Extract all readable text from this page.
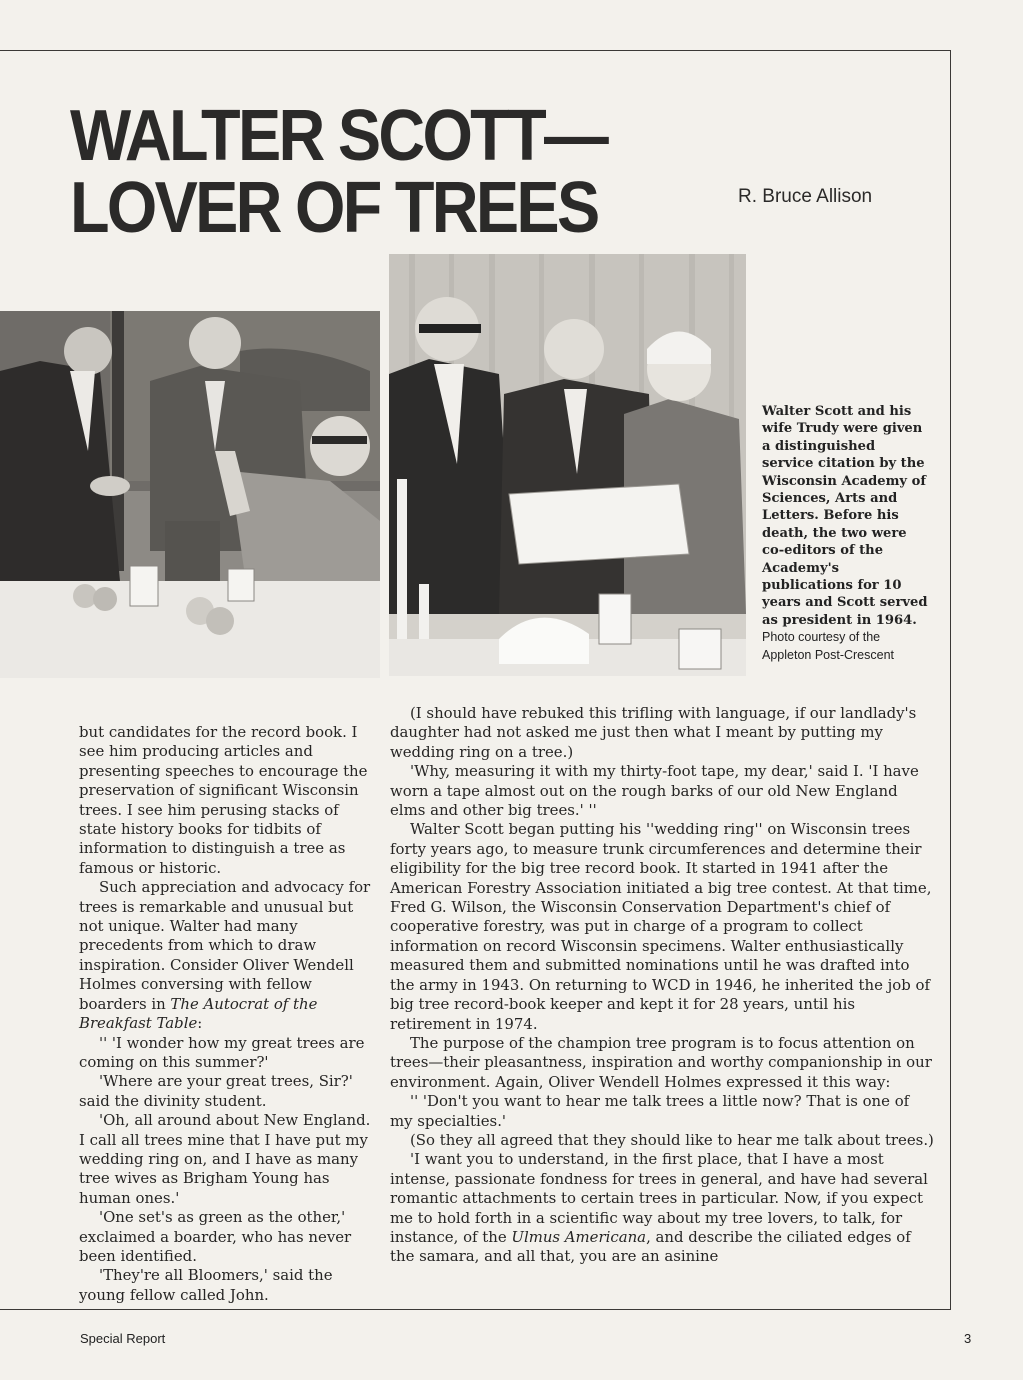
WALTER SCOTT—
LOVER OF TREES	R. Bruce Allison
Walter Scott and his wife Trudy were given a distinguished service citation by the Wisconsin Academy of Sciences, Arts and Letters. Before his death, the two were co-editors of the Academy's publications for 10 years and Scott served as president in 1964. Photo courtesy of the Appleton Post-Crescent

but candidates for the record book. I see him producing articles and presenting speeches to encourage the preservation of significant Wisconsin trees. I see him perusing stacks of state history books for tidbits of information to distinguish a tree as famous or historic.

Such appreciation and advocacy for trees is remarkable and unusual but not unique. Walter had many precedents from which to draw inspiration. Consider Oliver Wendell Holmes conversing with fellow boarders in The Autocrat of the Breakfast Table:

'' 'I wonder how my great trees are coming on this summer?'

'Where are your great trees, Sir?' said the divinity student.

'Oh, all around about New England. I call all trees mine that I have put my wedding ring on, and I have as many tree wives as Brigham Young has human ones.'

'One set's as green as the other,' exclaimed a boarder, who has never been identified.

'They're all Bloomers,' said the young fellow called John.

(I should have rebuked this trifling with language, if our landlady's daughter had not asked me just then what I meant by putting my wedding ring on a tree.)

'Why, measuring it with my thirty-foot tape, my dear,' said I. 'I have worn a tape almost out on the rough barks of our old New England elms and other big trees.' ''

Walter Scott began putting his ''wedding ring'' on Wisconsin trees forty years ago, to measure trunk circumferences and determine their eligibility for the big tree record book. It started in 1941 after the American Forestry Association initiated a big tree contest. At that time, Fred G. Wilson, the Wisconsin Conservation Department's chief of cooperative forestry, was put in charge of a program to collect information on record Wisconsin specimens. Walter enthusiastically measured them and submitted nominations until he was drafted into the army in 1943. On returning to WCD in 1946, he inherited the job of big tree record-book keeper and kept it for 28 years, until his retirement in 1974.

The purpose of the champion tree program is to focus attention on trees—their pleasantness, inspiration and worthy companionship in our environment. Again, Oliver Wendell Holmes expressed it this way:

'' 'Don't you want to hear me talk trees a little now? That is one of my specialties.'

(So they all agreed that they should like to hear me talk about trees.)

'I want you to understand, in the first place, that I have a most intense, passionate fondness for trees in general, and have had several romantic attachments to certain trees in particular. Now, if you expect me to hold forth in a scientific way about my tree lovers, to talk, for instance, of the Ulmus Americana, and describe the ciliated edges of the samara, and all that, you are an asinine

Special Report	3
